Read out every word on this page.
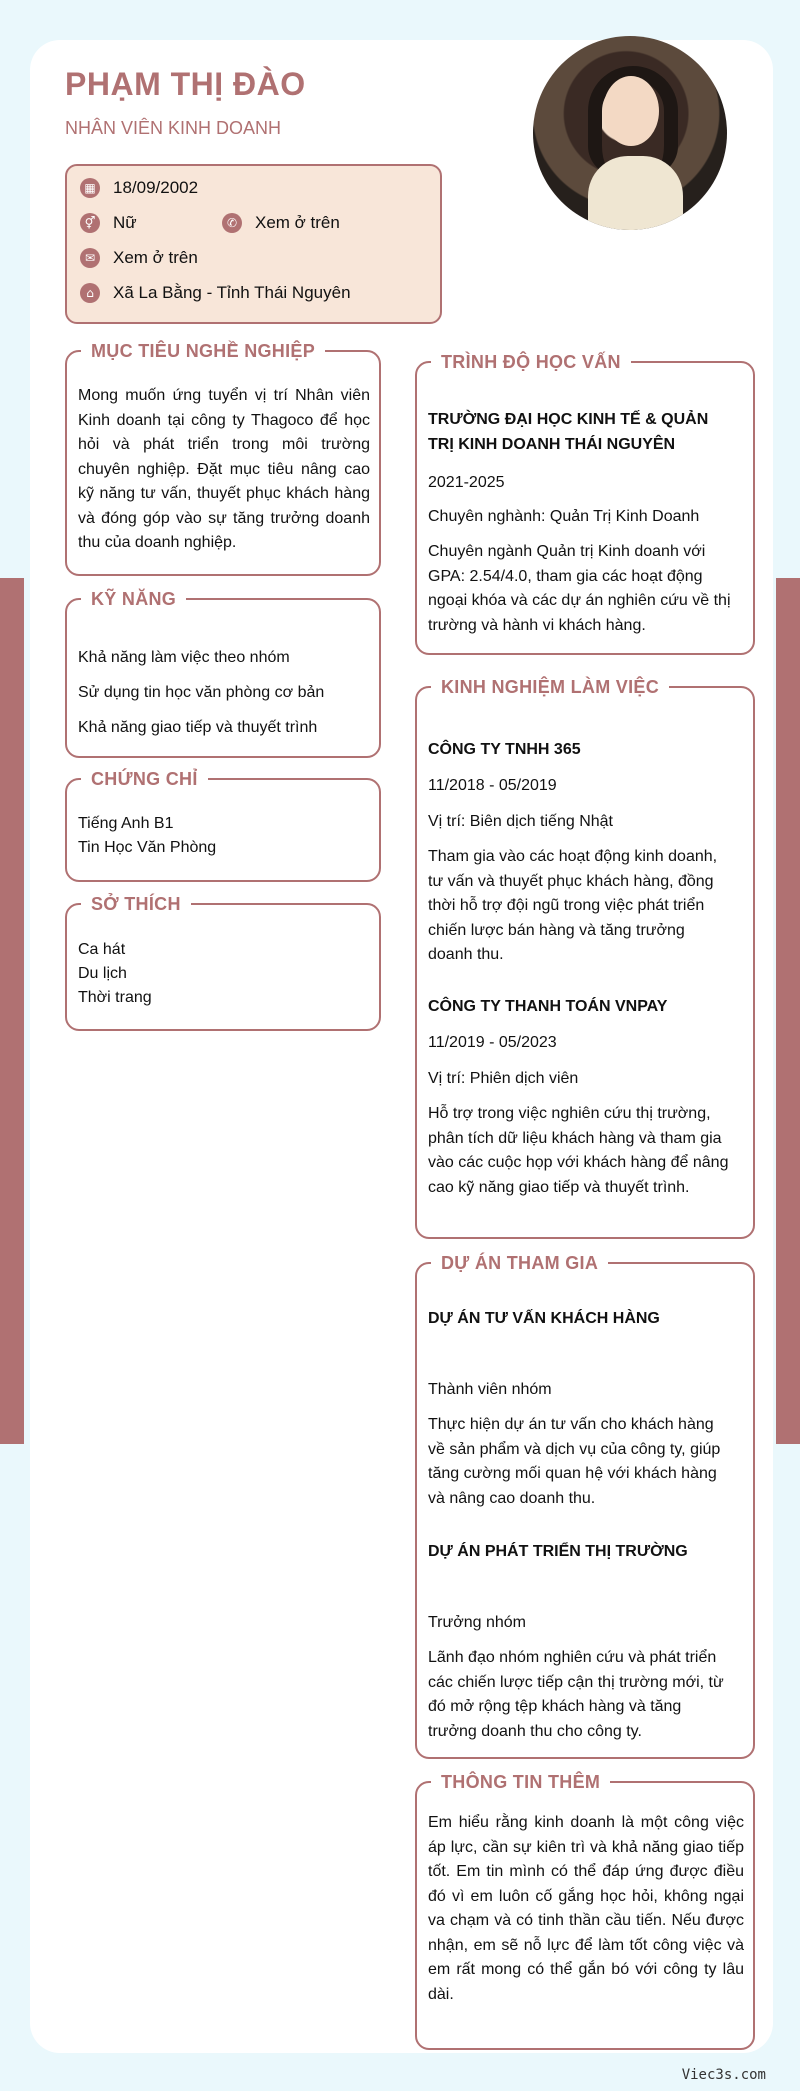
PHẠM THỊ ĐÀO
NHÂN VIÊN KINH DOANH
▦ 18/09/2002
⚥ Nữ	✆ Xem ở trên
✉ Xem ở trên
⌂	Xã La Bằng - Tỉnh Thái Nguyên
MỤC TIÊU NGHỀ NGHIỆP
Mong muốn ứng tuyển vị trí Nhân viên Kinh doanh tại công ty Thagoco để học hỏi và phát triển trong môi trường chuyên nghiệp. Đặt mục tiêu nâng cao kỹ năng tư vấn, thuyết phục khách hàng và đóng góp vào sự tăng trưởng doanh thu của doanh nghiệp.
KỸ NĂNG
Khả năng làm việc theo nhóm
Sử dụng tin học văn phòng cơ bản
Khả năng giao tiếp và thuyết trình
CHỨNG CHỈ
Tiếng Anh B1
Tin Học Văn Phòng
SỞ THÍCH
Ca hát
Du lịch
Thời trang
TRÌNH ĐỘ HỌC VẤN
TRƯỜNG ĐẠI HỌC KINH TẾ & QUẢN TRỊ KINH DOANH THÁI NGUYÊN
2021-2025
Chuyên nghành: Quản Trị Kinh Doanh
Chuyên ngành Quản trị Kinh doanh với GPA: 2.54/4.0, tham gia các hoạt động ngoại khóa và các dự án nghiên cứu về thị trường và hành vi khách hàng.
KINH NGHIỆM LÀM VIỆC
CÔNG TY TNHH 365
11/2018 - 05/2019
Vị trí: Biên dịch tiếng Nhật
Tham gia vào các hoạt động kinh doanh, tư vấn và thuyết phục khách hàng, đồng thời hỗ trợ đội ngũ trong việc phát triển chiến lược bán hàng và tăng trưởng doanh thu.
CÔNG TY THANH TOÁN VNPAY
11/2019 - 05/2023
Vị trí: Phiên dịch viên
Hỗ trợ trong việc nghiên cứu thị trường, phân tích dữ liệu khách hàng và tham gia vào các cuộc họp với khách hàng để nâng cao kỹ năng giao tiếp và thuyết trình.
DỰ ÁN THAM GIA
DỰ ÁN TƯ VẤN KHÁCH HÀNG
Thành viên nhóm
Thực hiện dự án tư vấn cho khách hàng về sản phẩm và dịch vụ của công ty, giúp tăng cường mối quan hệ với khách hàng và nâng cao doanh thu.
DỰ ÁN PHÁT TRIỂN THỊ TRƯỜNG
Trưởng nhóm
Lãnh đạo nhóm nghiên cứu và phát triển các chiến lược tiếp cận thị trường mới, từ đó mở rộng tệp khách hàng và tăng trưởng doanh thu cho công ty.
THÔNG TIN THÊM
Em hiểu rằng kinh doanh là một công việc áp lực, cần sự kiên trì và khả năng giao tiếp tốt. Em tin mình có thể đáp ứng được điều đó vì em luôn cố gắng học hỏi, không ngại va chạm và có tinh thần cầu tiến. Nếu được nhận, em sẽ nỗ lực để làm tốt công việc và em rất mong có thể gắn bó với công ty lâu dài.
Viec3s.com
